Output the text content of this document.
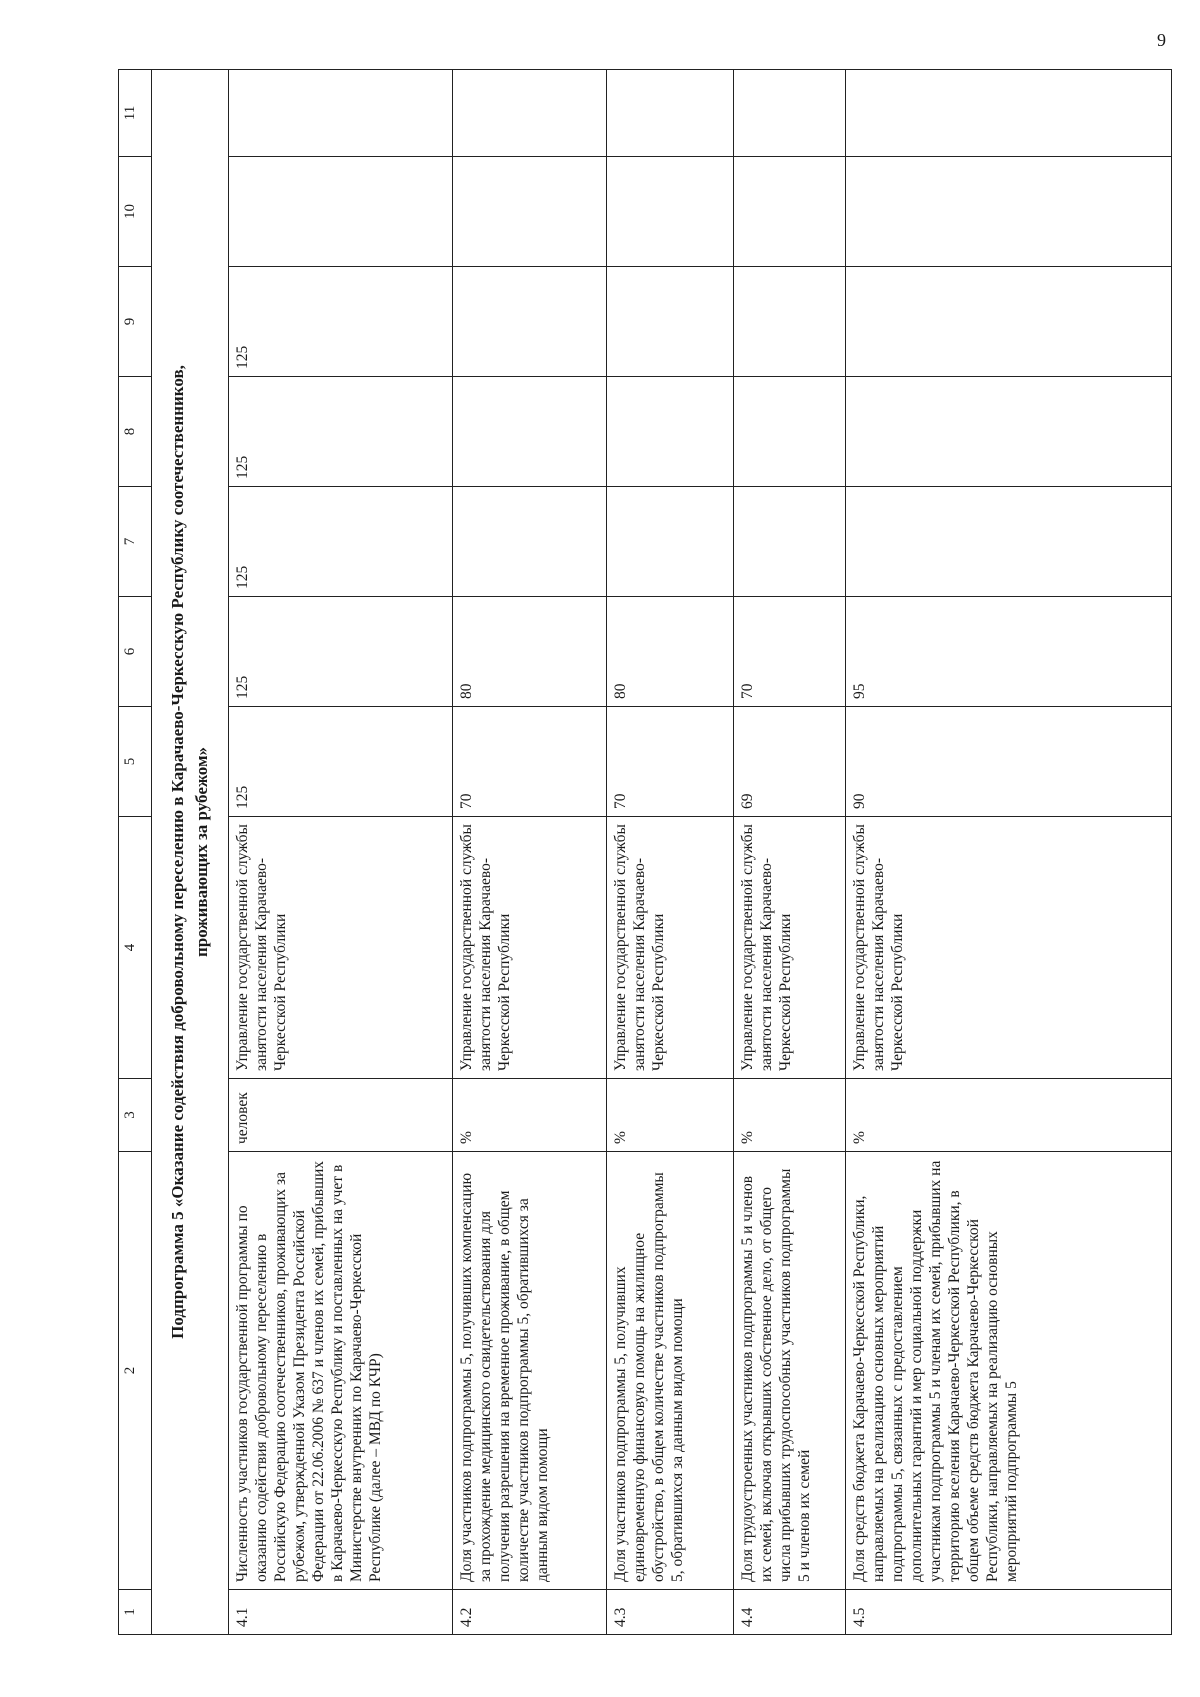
9
1	2	3	4	5	6	7	8	9	10	11

Подпрограмма 5 «Оказание содействия добровольному переселению в Карачаево-Черкесскую Республику соотечественников, проживающих за рубежом»										

4.1	Численность участников государственной программы по оказанию содействия добровольному переселению в Российскую Федерацию соотечественников, проживающих за рубежом, утвержденной Указом Президента Российской Федерации от 22.06.2006 № 637 и членов их семей, прибывших в Карачаево-Черкесскую Республику и поставленных на учет в Министерстве внутренних по Карачаево-Черкесской Республике (далее – МВД по КЧР)	человек	Управление государственной службы занятости населения Карачаево-Черкесской Республики	125	125	125	125	125		
4.2	Доля участников подпрограммы 5, получивших компенсацию за прохождение медицинского освидетельствования для получения разрешения на временное проживание, в общем количестве участников подпрограммы 5, обратившихся за данным видом помощи	%	Управление государственной службы занятости населения Карачаево-Черкесской Республики	70	80					
4.3	Доля участников подпрограммы 5, получивших единовременную финансовую помощь на жилищное обустройство, в общем количестве участников подпрограммы 5, обратившихся за данным видом помощи	%	Управление государственной службы занятости населения Карачаево-Черкесской Республики	70	80					
4.4	Доля трудоустроенных участников подпрограммы 5 и членов их семей, включая открывших собственное дело, от общего числа прибывших трудоспособных участников подпрограммы 5 и членов их семей	%	Управление государственной службы занятости населения Карачаево-Черкесской Республики	69	70					
4.5	Доля средств бюджета Карачаево-Черкесской Республики, направляемых на реализацию основных мероприятий подпрограммы 5, связанных с предоставлением дополнительных гарантий и мер социальной поддержки участникам подпрограммы 5 и членам их семей, прибывших на территорию вселения Карачаево-Черкесской Республики, в общем объеме средств бюджета Карачаево-Черкесской Республики, направляемых на реализацию основных мероприятий подпрограммы 5	%	Управление государственной службы занятости населения Карачаево-Черкесской Республики	90	95					
